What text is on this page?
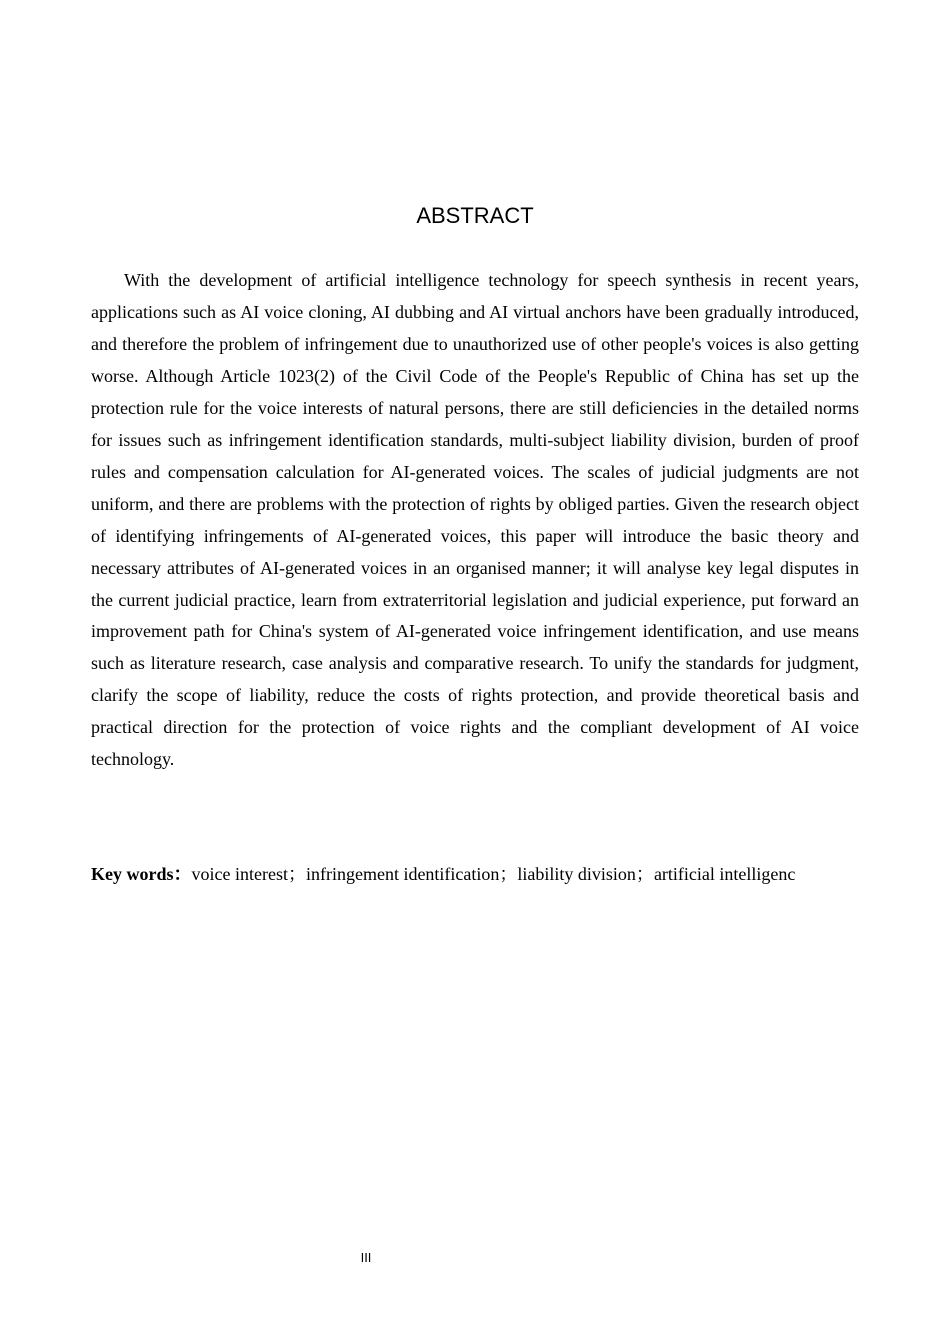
ABSTRACT

With the development of artificial intelligence technology for speech synthesis in recent years, applications such as AI voice cloning, AI dubbing and AI virtual anchors have been gradually introduced, and therefore the problem of infringement due to unauthorized use of other people's voices is also getting worse. Although Article 1023(2) of the Civil Code of the People's Republic of China has set up the protection rule for the voice interests of natural persons, there are still deficiencies in the detailed norms for issues such as infringement identification standards, multi-subject liability division, burden of proof rules and compensation calculation for AI-generated voices. The scales of judicial judgments are not uniform, and there are problems with the protection of rights by obliged parties. Given the research object of identifying infringements of AI-generated voices, this paper will introduce the basic theory and necessary attributes of AI-generated voices in an organised manner; it will analyse key legal disputes in the current judicial practice, learn from extraterritorial legislation and judicial experience, put forward an improvement path for China's system of AI-generated voice infringement identification, and use means such as literature research, case analysis and comparative research. To unify the standards for judgment, clarify the scope of liability, reduce the costs of rights protection, and provide theoretical basis and practical direction for the protection of voice rights and the compliant development of AI voice technology.

Key words：voice interest；infringement identification；liability division；artificial intelligenc

III
